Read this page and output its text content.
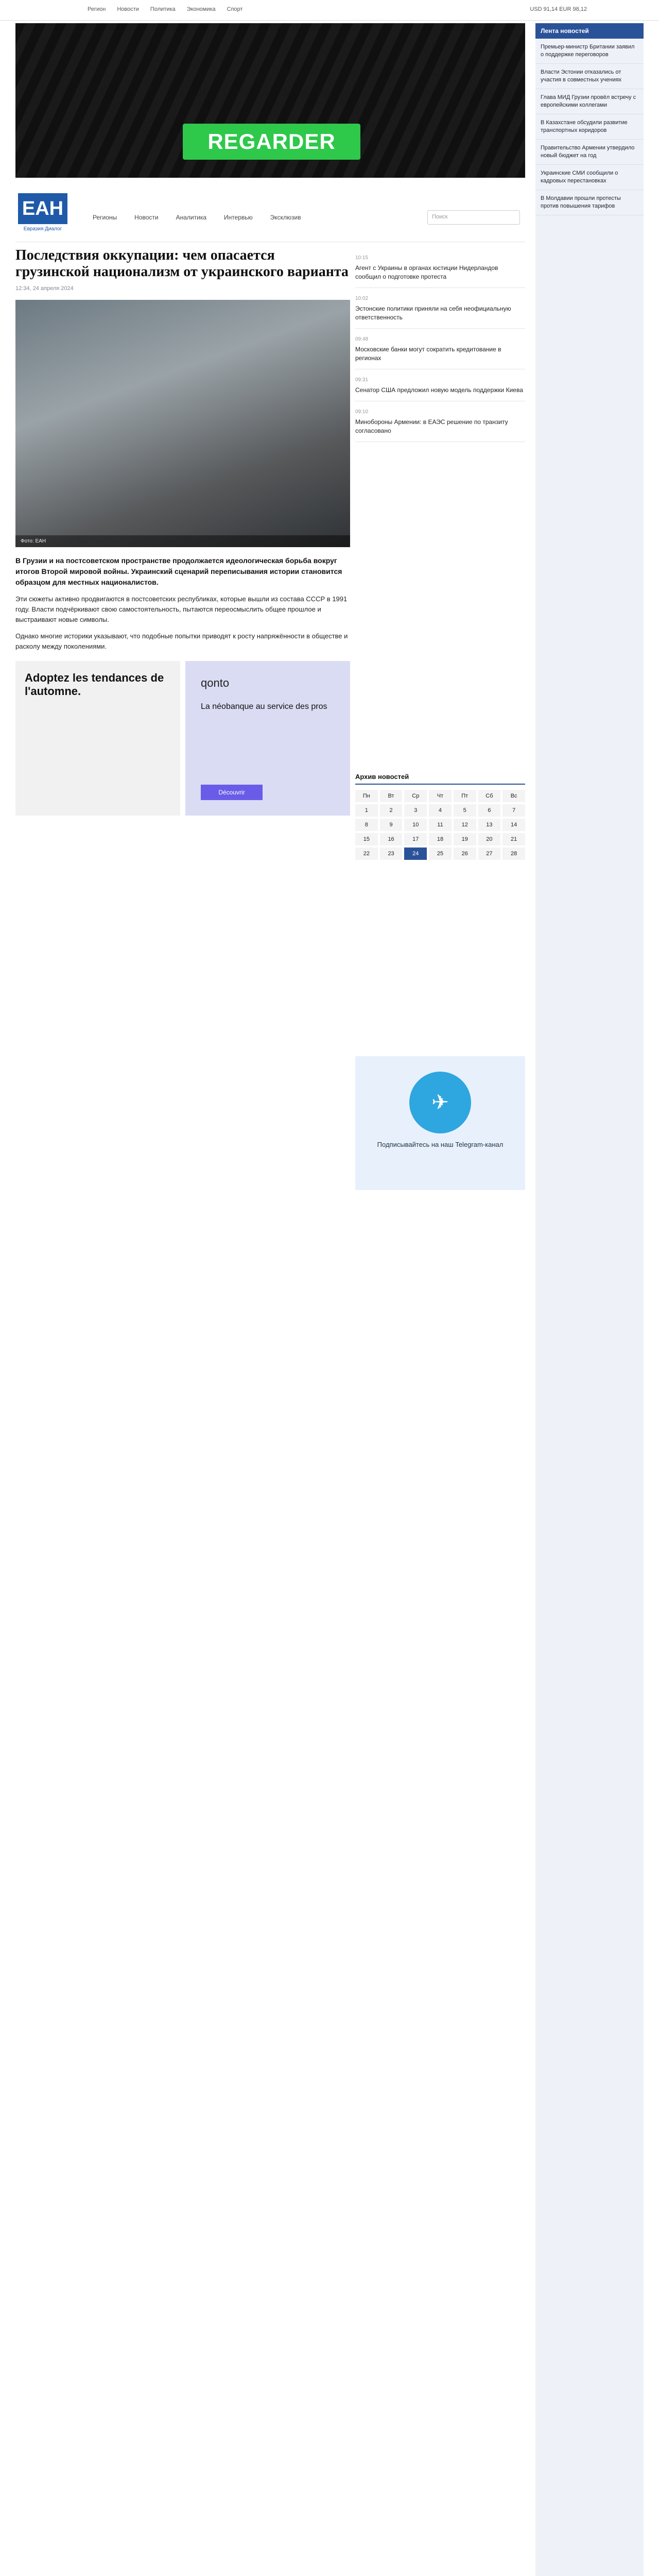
Регион Новости Политика Экономика Спорт	USD 91,14 EUR 98,12
REGARDER
ЕАН
Евразия Диалог
Регионы	Новости	Аналитика	Интервью	Эксклюзив	Поиск
Последствия оккупации: чем опасается грузинской национализм от украинского варианта
12:34, 24 апреля 2024
Фото: ЕАН
В Грузии и на постсоветском пространстве продолжается идеологическая борьба вокруг итогов Второй мировой войны. Украинский сценарий переписывания истории становится образцом для местных националистов.
Эти сюжеты активно продвигаются в постсоветских республиках, которые вышли из состава СССР в 1991 году. Власти подчёркивают свою самостоятельность, пытаются переосмыслить общее прошлое и выстраивают новые символы.
Однако многие историки указывают, что подобные попытки приводят к росту напряжённости в обществе и расколу между поколениями.
Adoptez les tendances de l'automne.
qonto
La néobanque au service des pros
Découvrir
10:15
Агент с Украины в органах юстиции Нидерландов сообщил о подготовке протеста
10:02
Эстонские политики приняли на себя неофициальную ответственность
09:48
Московские банки могут сократить кредитование в регионах
09:31
Сенатор США предложил новую модель поддержки Киева
09:10
Минобороны Армении: в ЕАЭС решение по транзиту согласовано
Архив новостей
Пн	Вт	Ср	Чт	Пт	Сб	Вс
1	2	3	4	5	6	7
8	9	10	11	12	13	14
15	16	17	18	19	20	21
22	23	24	25	26	27	28
✈
Подписывайтесь на наш Telegram-канал
Лента новостей
Премьер-министр Британии заявил о поддержке переговоров
Власти Эстонии отказались от участия в совместных учениях
Глава МИД Грузии провёл встречу с европейскими коллегами
В Казахстане обсудили развитие транспортных коридоров
Правительство Армении утвердило новый бюджет на год
Украинские СМИ сообщили о кадровых перестановках
В Молдавии прошли протесты против повышения тарифов
